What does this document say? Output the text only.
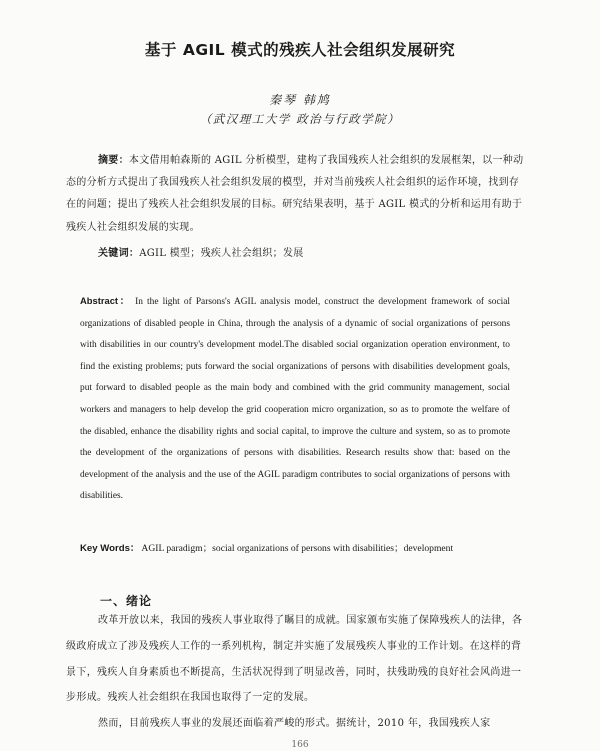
基于 AGIL 模式的残疾人社会组织发展研究
秦琴 韩鸠
（武汉理工大学 政治与行政学院）
摘要：本文借用帕森斯的 AGIL 分析模型，建构了我国残疾人社会组织的发展框架，以一种动态的分析方式提出了我国残疾人社会组织发展的模型，并对当前残疾人社会组织的运作环境，找到存在的问题；提出了残疾人社会组织发展的目标。研究结果表明，基于 AGIL 模式的分析和运用有助于残疾人社会组织发展的实现。
关键词：AGIL 模型；残疾人社会组织；发展
Abstract： In the light of Parsons's AGIL analysis model, construct the development framework of social organizations of disabled people in China, through the analysis of a dynamic of social organizations of persons with disabilities in our country's development model.The disabled social organization operation environment, to find the existing problems; puts forward the social organizations of persons with disabilities development goals, put forward to disabled people as the main body and combined with the grid community management, social workers and managers to help develop the grid cooperation micro organization, so as to promote the welfare of the disabled, enhance the disability rights and social capital, to improve the culture and system, so as to promote the development of the organizations of persons with disabilities. Research results show that: based on the development of the analysis and the use of the AGIL paradigm contributes to social organizations of persons with disabilities.
Key Words： AGIL paradigm；social organizations of persons with disabilities；development
一、绪论
改革开放以来，我国的残疾人事业取得了瞩目的成就。国家颁布实施了保障残疾人的法律，各级政府成立了涉及残疾人工作的一系列机构，制定并实施了发展残疾人事业的工作计划。在这样的背景下，残疾人自身素质也不断提高，生活状况得到了明显改善，同时，扶残助残的良好社会风尚进一步形成。残疾人社会组织在我国也取得了一定的发展。
然而，目前残疾人事业的发展还面临着严峻的形式。据统计，2010 年，我国残疾人家
166
